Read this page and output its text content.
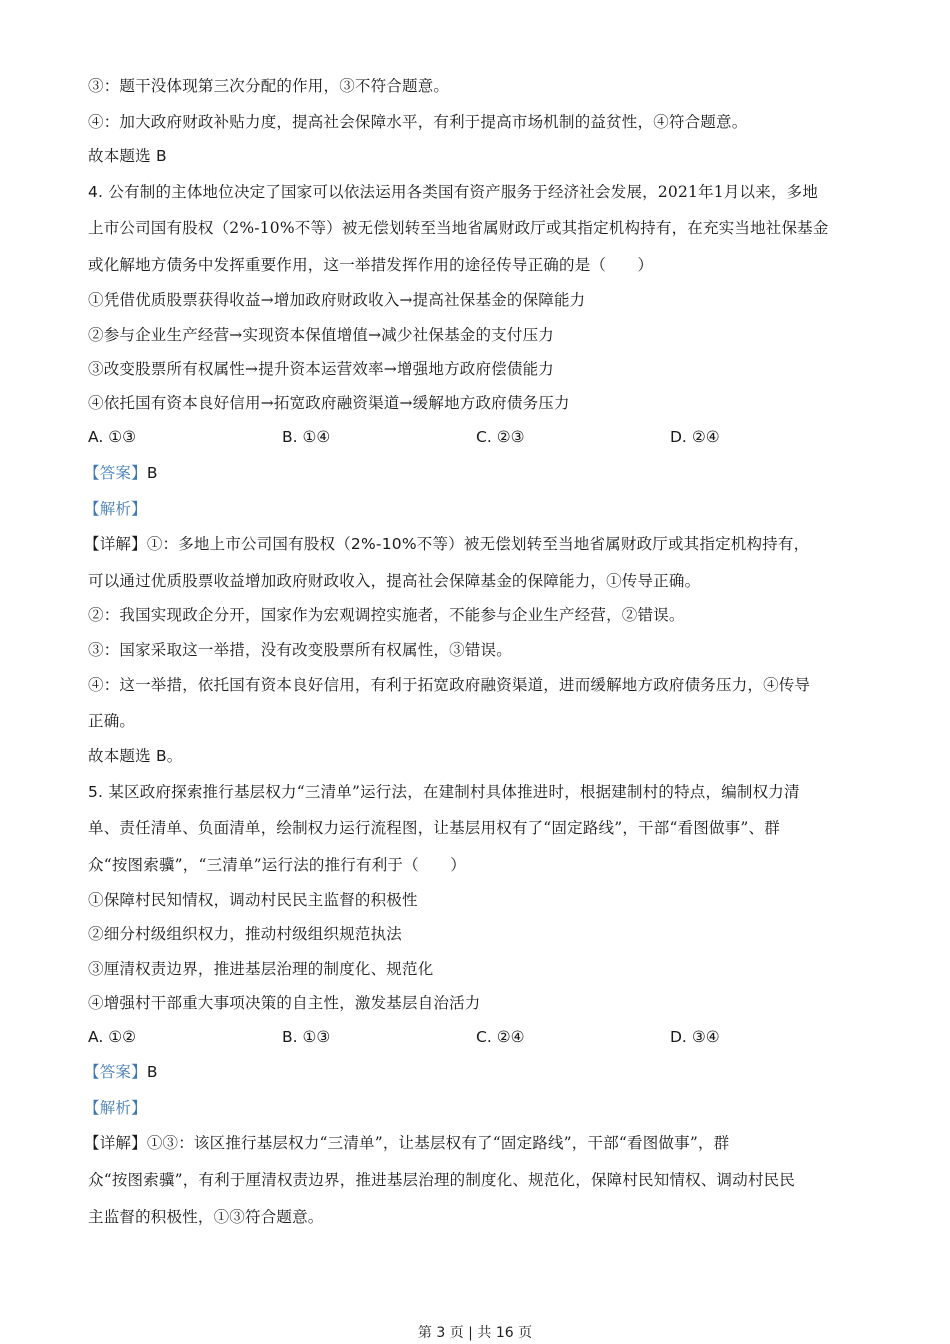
③：题干没体现第三次分配的作用，③不符合题意。
④：加大政府财政补贴力度，提高社会保障水平，有利于提高市场机制的益贫性，④符合题意。
故本题选 B
4. 公有制的主体地位决定了国家可以依法运用各类国有资产服务于经济社会发展，2021年1月以来，多地
上市公司国有股权（2%-10%不等）被无偿划转至当地省属财政厅或其指定机构持有，在充实当地社保基金
或化解地方债务中发挥重要作用，这一举措发挥作用的途径传导正确的是（　　）
①凭借优质股票获得收益→增加政府财政收入→提高社保基金的保障能力
②参与企业生产经营→实现资本保值增值→减少社保基金的支付压力
③改变股票所有权属性→提升资本运营效率→增强地方政府偿债能力
④依托国有资本良好信用→拓宽政府融资渠道→缓解地方政府债务压力
A. ①③	B. ①④	C. ②③	D. ②④
【答案】B
【解析】
【详解】①：多地上市公司国有股权（2%-10%不等）被无偿划转至当地省属财政厅或其指定机构持有，
可以通过优质股票收益增加政府财政收入，提高社会保障基金的保障能力，①传导正确。
②：我国实现政企分开，国家作为宏观调控实施者，不能参与企业生产经营，②错误。
③：国家采取这一举措，没有改变股票所有权属性，③错误。
④：这一举措，依托国有资本良好信用，有利于拓宽政府融资渠道，进而缓解地方政府债务压力，④传导
正确。
故本题选 B。
5. 某区政府探索推行基层权力“三清单”运行法，在建制村具体推进时，根据建制村的特点，编制权力清
单、责任清单、负面清单，绘制权力运行流程图，让基层用权有了“固定路线”，干部“看图做事”、群
众“按图索骥”，“三清单”运行法的推行有利于（　　）
①保障村民知情权，调动村民民主监督的积极性
②细分村级组织权力，推动村级组织规范执法
③厘清权责边界，推进基层治理的制度化、规范化
④增强村干部重大事项决策的自主性，激发基层自治活力
A. ①②	B. ①③	C. ②④	D. ③④
【答案】B
【解析】
【详解】①③：该区推行基层权力“三清单”，让基层权有了“固定路线”，干部“看图做事”，群
众“按图索骥”，有利于厘清权责边界，推进基层治理的制度化、规范化，保障村民知情权、调动村民民
主监督的积极性，①③符合题意。
第 3 页 | 共 16 页
